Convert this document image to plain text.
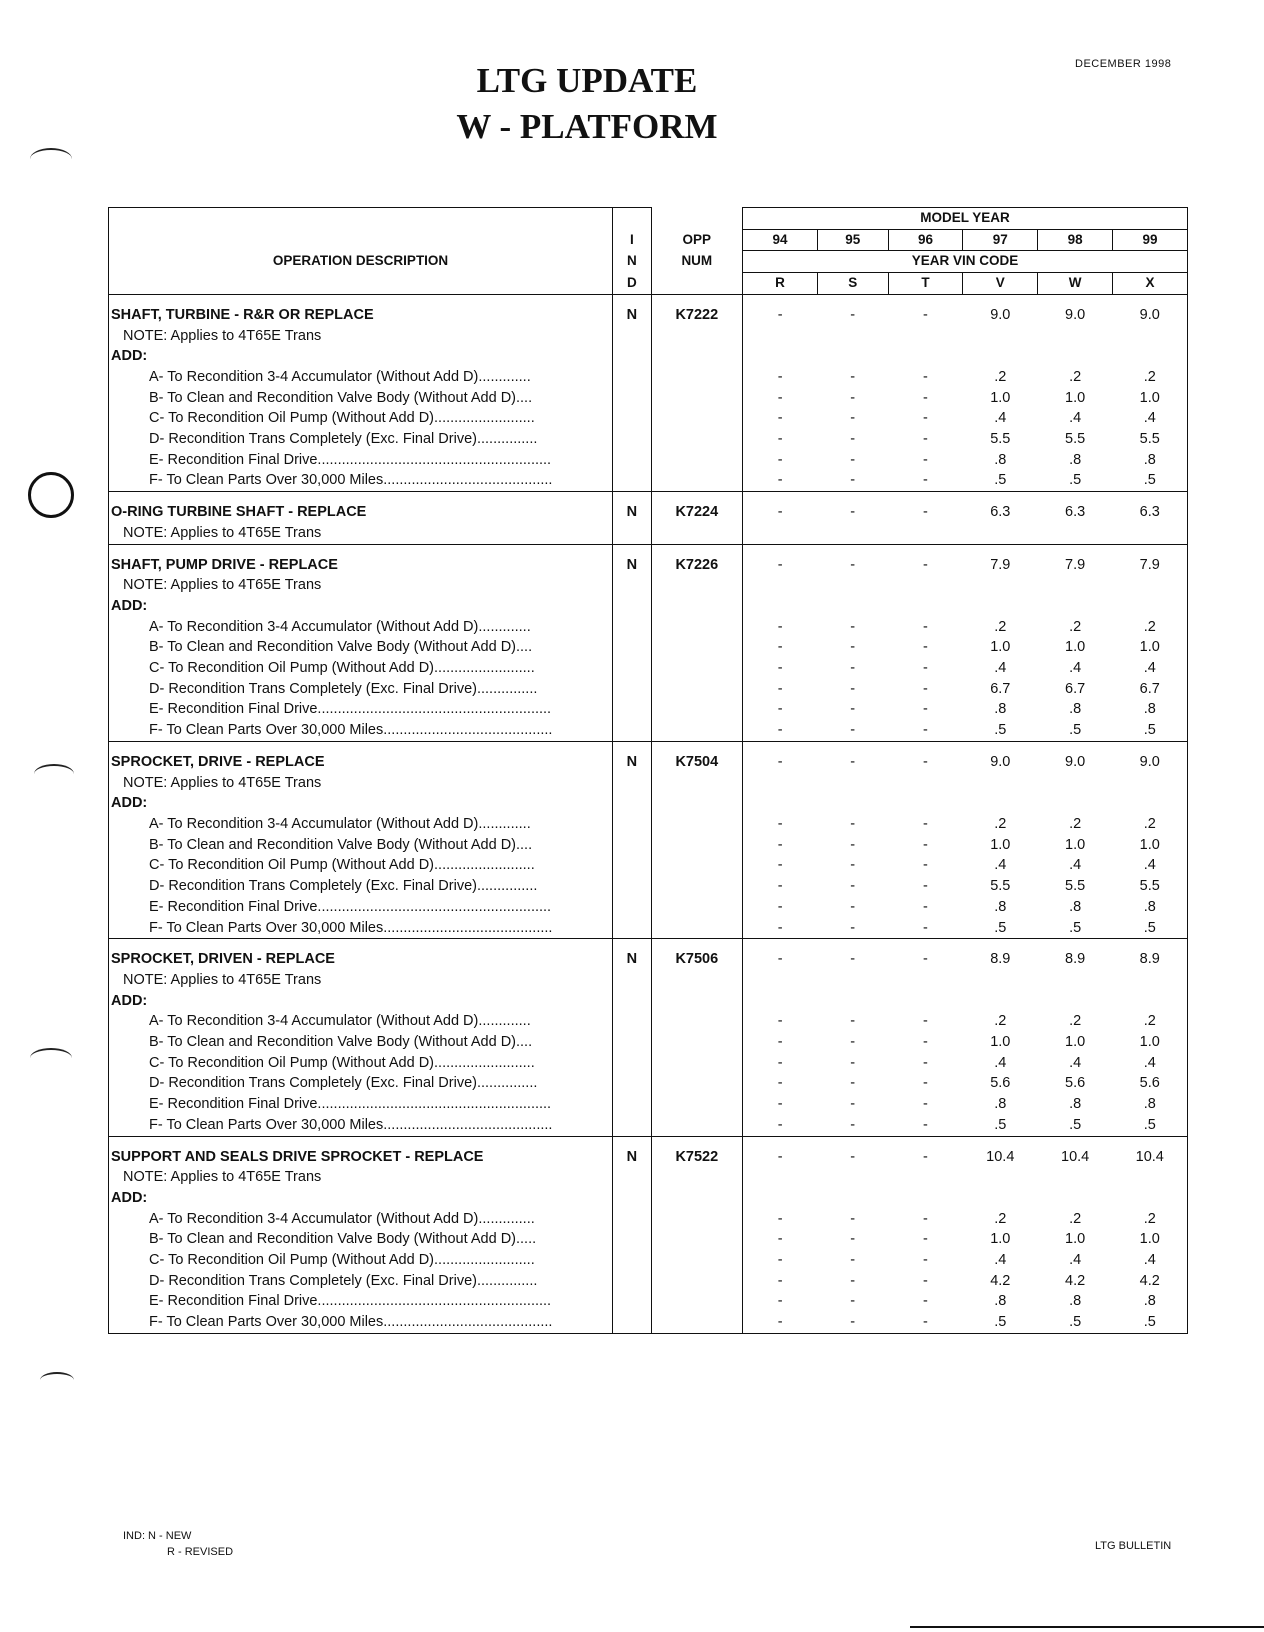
DECEMBER 1998
LTG UPDATE
W - PLATFORM
			MODEL YEAR					
OPERATION DESCRIPTION	I	OPP	94	95	96	97	98	99
	N	NUM	YEAR VIN CODE					
	D		R	S	T	V	W	X

SHAFT, TURBINE - R&R OR REPLACE	N	K7222	-	-	-	9.0	9.0	9.0
NOTE: Applies to 4T65E Trans								
ADD:								
A- To Recondition 3-4 Accumulator (Without Add D).............			-	-	-	.2	.2	.2
B- To Clean and Recondition Valve Body (Without Add D)....			-	-	-	1.0	1.0	1.0
C- To Recondition Oil Pump (Without Add D).........................			-	-	-	.4	.4	.4
D- Recondition Trans Completely (Exc. Final Drive)...............			-	-	-	5.5	5.5	5.5
E- Recondition Final Drive..........................................................			-	-	-	.8	.8	.8
F- To Clean Parts Over 30,000 Miles..........................................			-	-	-	.5	.5	.5

O-RING TURBINE SHAFT - REPLACE	N	K7224	-	-	-	6.3	6.3	6.3
NOTE: Applies to 4T65E Trans								

SHAFT, PUMP DRIVE - REPLACE	N	K7226	-	-	-	7.9	7.9	7.9
NOTE: Applies to 4T65E Trans								
ADD:								
A- To Recondition 3-4 Accumulator (Without Add D).............			-	-	-	.2	.2	.2
B- To Clean and Recondition Valve Body (Without Add D)....			-	-	-	1.0	1.0	1.0
C- To Recondition Oil Pump (Without Add D).........................			-	-	-	.4	.4	.4
D- Recondition Trans Completely (Exc. Final Drive)...............			-	-	-	6.7	6.7	6.7
E- Recondition Final Drive..........................................................			-	-	-	.8	.8	.8
F- To Clean Parts Over 30,000 Miles..........................................			-	-	-	.5	.5	.5

SPROCKET, DRIVE - REPLACE	N	K7504	-	-	-	9.0	9.0	9.0
NOTE: Applies to 4T65E Trans								
ADD:								
A- To Recondition 3-4 Accumulator (Without Add D).............			-	-	-	.2	.2	.2
B- To Clean and Recondition Valve Body (Without Add D)....			-	-	-	1.0	1.0	1.0
C- To Recondition Oil Pump (Without Add D).........................			-	-	-	.4	.4	.4
D- Recondition Trans Completely (Exc. Final Drive)...............			-	-	-	5.5	5.5	5.5
E- Recondition Final Drive..........................................................			-	-	-	.8	.8	.8
F- To Clean Parts Over 30,000 Miles..........................................			-	-	-	.5	.5	.5

SPROCKET, DRIVEN - REPLACE	N	K7506	-	-	-	8.9	8.9	8.9
NOTE: Applies to 4T65E Trans								
ADD:								
A- To Recondition 3-4 Accumulator (Without Add D).............			-	-	-	.2	.2	.2
B- To Clean and Recondition Valve Body (Without Add D)....			-	-	-	1.0	1.0	1.0
C- To Recondition Oil Pump (Without Add D).........................			-	-	-	.4	.4	.4
D- Recondition Trans Completely (Exc. Final Drive)...............			-	-	-	5.6	5.6	5.6
E- Recondition Final Drive..........................................................			-	-	-	.8	.8	.8
F- To Clean Parts Over 30,000 Miles..........................................			-	-	-	.5	.5	.5

SUPPORT AND SEALS DRIVE SPROCKET - REPLACE	N	K7522	-	-	-	10.4	10.4	10.4
NOTE: Applies to 4T65E Trans								
ADD:								
A- To Recondition 3-4 Accumulator (Without Add D)..............			-	-	-	.2	.2	.2
B- To Clean and Recondition Valve Body (Without Add D).....			-	-	-	1.0	1.0	1.0
C- To Recondition Oil Pump (Without Add D).........................			-	-	-	.4	.4	.4
D- Recondition Trans Completely (Exc. Final Drive)...............			-	-	-	4.2	4.2	4.2
E- Recondition Final Drive..........................................................			-	-	-	.8	.8	.8
F- To Clean Parts Over 30,000 Miles..........................................			-	-	-	.5	.5	.5
IND: N - NEW
R - REVISED	LTG BULLETIN
